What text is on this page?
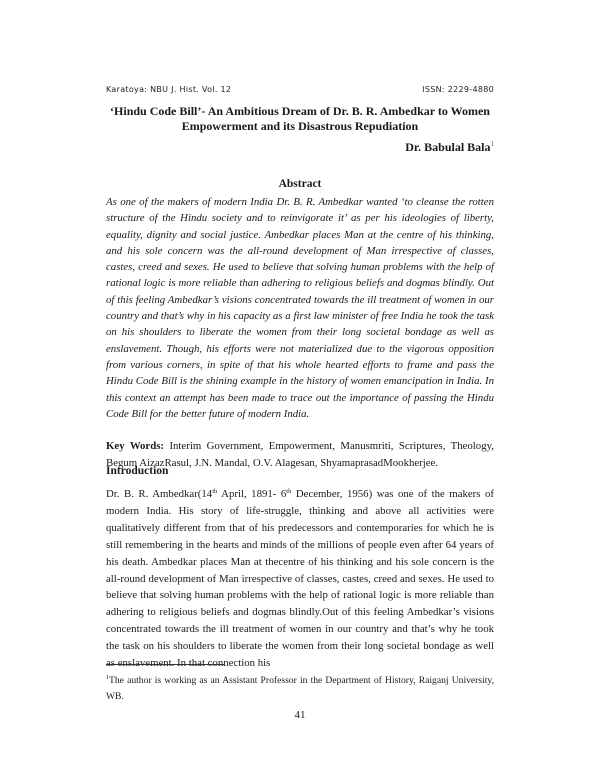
Karatoya: NBU J. Hist. Vol. 12	ISSN: 2229-4880
‘Hindu Code Bill’- An Ambitious Dream of Dr. B. R. Ambedkar to Women
Empowerment and its Disastrous Repudiation
Dr. Babulal Bala$^1$
Abstract
As one of the makers of modern India Dr. B. R. Ambedkar wanted ‘to cleanse the rotten structure of the Hindu society and to reinvigorate it’ as per his ideologies of liberty, equality, dignity and social justice. Ambedkar places Man at the centre of his thinking, and his sole concern was the all-round development of Man irrespective of classes, castes, creed and sexes. He used to believe that solving human problems with the help of rational logic is more reliable than adhering to religious beliefs and dogmas blindly. Out of this feeling Ambedkar’s visions concentrated towards the ill treatment of women in our country and that’s why in his capacity as a first law minister of free India he took the task on his shoulders to liberate the women from their long societal bondage as well as enslavement. Though, his efforts were not materialized due to the vigorous opposition from various corners, in spite of that his whole hearted efforts to frame and pass the Hindu Code Bill is the shining example in the history of women emancipation in India. In this context an attempt has been made to trace out the importance of passing the Hindu Code Bill for the better future of modern India.
Key Words: Interim Government, Empowerment, Manusmriti, Scriptures, Theology, Begum AizazRasul, J.N. Mandal, O.V. Alagesan, ShyamaprasadMookherjee.
Introduction
Dr. B. R. Ambedkar(14th April, 1891- 6th December, 1956) was one of the makers of modern India. His story of life-struggle, thinking and above all activities were qualitatively different from that of his predecessors and contemporaries for which he is still remembering in the hearts and minds of the millions of people even after 64 years of his death. Ambedkar places Man at thecentre of his thinking and his sole concern is the all-round development of Man irrespective of classes, castes, creed and sexes. He used to believe that solving human problems with the help of rational logic is more reliable than adhering to religious beliefs and dogmas blindly.Out of this feeling Ambedkar’s visions concentrated towards the ill treatment of women in our country and that’s why he took the task on his shoulders to liberate the women from their long societal bondage as well as enslavement. In that connection his
$^1$The author is working as an Assistant Professor in the Department of History, Raiganj University, WB.
41
